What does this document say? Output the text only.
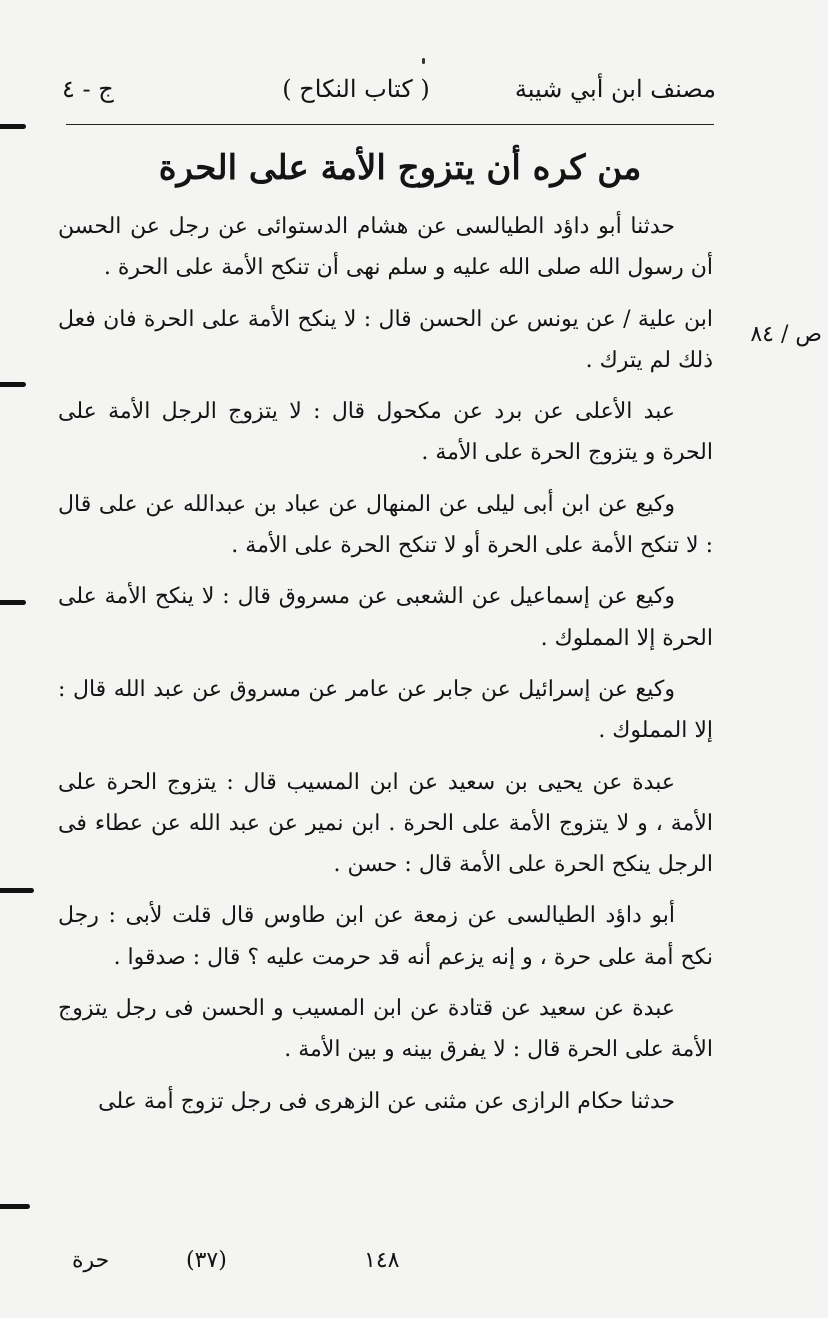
مصنف ابن أبي شيبة
( كتاب النكاح )
ج - ٤
من كره أن يتزوج الأمة على الحرة
ص / ٨٤

حدثنا أبو داؤد الطيالسى عن هشام الدستوائى عن رجل عن الحسن أن رسول الله صلى الله عليه و سلم نهى أن تنكح الأمة على الحرة .

ابن علية / عن يونس عن الحسن قال : لا ينكح الأمة على الحرة فان فعل ذلك لم يترك .

عبد الأعلى عن برد عن مكحول قال : لا يتزوج الرجل الأمة على الحرة و يتزوج الحرة على الأمة .

وكيع عن ابن أبى ليلى عن المنهال عن عباد بن عبدالله عن على قال : لا تنكح الأمة على الحرة أو لا تنكح الحرة على الأمة .

وكيع عن إسماعيل عن الشعبى عن مسروق قال : لا ينكح الأمة على الحرة إلا المملوك .

وكيع عن إسرائيل عن جابر عن عامر عن مسروق عن عبد الله قال : إلا المملوك .

عبدة عن يحيى بن سعيد عن ابن المسيب قال : يتزوج الحرة على الأمة ، و لا يتزوج الأمة على الحرة . ابن نمير عن عبد الله عن عطاء فى الرجل ينكح الحرة على الأمة قال : حسن .

أبو داؤد الطيالسى عن زمعة عن ابن طاوس قال قلت لأبى : رجل نكح أمة على حرة ، و إنه يزعم أنه قد حرمت عليه ؟ قال : صدقوا .

عبدة عن سعيد عن قتادة عن ابن المسيب و الحسن فى رجل يتزوج الأمة على الحرة قال : لا يفرق بينه و بين الأمة .

حدثنا حكام الرازى عن مثنى عن الزهرى فى رجل تزوج أمة على

حرة	(٣٧)	١٤٨
